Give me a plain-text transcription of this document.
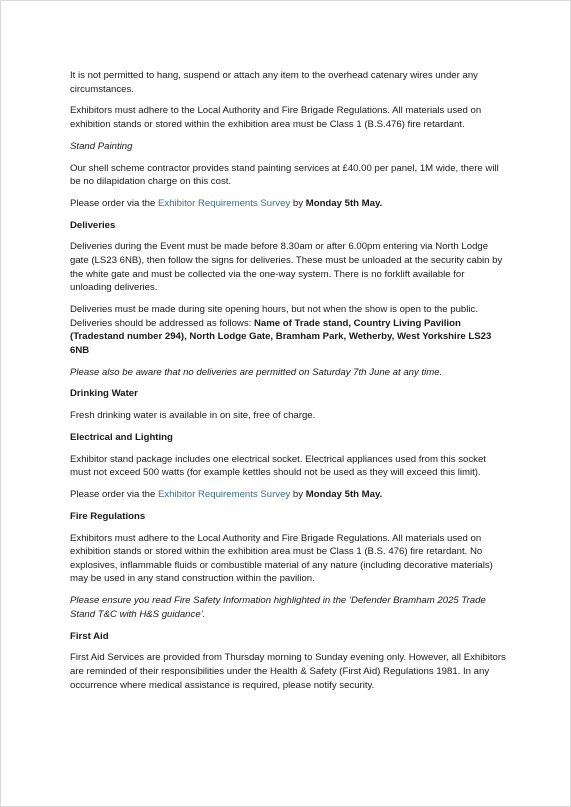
It is not permitted to hang, suspend or attach any item to the overhead catenary wires under any circumstances.

Exhibitors must adhere to the Local Authority and Fire Brigade Regulations. All materials used on exhibition stands or stored within the exhibition area must be Class 1 (B.S.476) fire retardant.

Stand Painting

Our shell scheme contractor provides stand painting services at £40.00 per panel, 1M wide, there will be no dilapidation charge on this cost.

Please order via the Exhibitor Requirements Survey by Monday 5th May.

Deliveries

Deliveries during the Event must be made before 8.30am or after 6.00pm entering via North Lodge gate (LS23 6NB), then follow the signs for deliveries. These must be unloaded at the security cabin by the white gate and must be collected via the one-way system. There is no forklift available for unloading deliveries.

Deliveries must be made during site opening hours, but not when the show is open to the public. Deliveries should be addressed as follows: Name of Trade stand, Country Living Pavilion (Tradestand number 294), North Lodge Gate, Bramham Park, Wetherby, West Yorkshire LS23 6NB

Please also be aware that no deliveries are permitted on Saturday 7th June at any time.

Drinking Water

Fresh drinking water is available in on site, free of charge.

Electrical and Lighting

Exhibitor stand package includes one electrical socket. Electrical appliances used from this socket must not exceed 500 watts (for example kettles should not be used as they will exceed this limit).

Please order via the Exhibitor Requirements Survey by Monday 5th May.

Fire Regulations

Exhibitors must adhere to the Local Authority and Fire Brigade Regulations. All materials used on exhibition stands or stored within the exhibition area must be Class 1 (B.S. 476) fire retardant. No explosives, inflammable fluids or combustible material of any nature (including decorative materials) may be used in any stand construction within the pavilion.

Please ensure you read Fire Safety Information highlighted in the ‘Defender Bramham 2025 Trade Stand T&C with H&S guidance’.

First Aid

First Aid Services are provided from Thursday morning to Sunday evening only. However, all Exhibitors are reminded of their responsibilities under the Health & Safety (First Aid) Regulations 1981. In any occurrence where medical assistance is required, please notify security.
